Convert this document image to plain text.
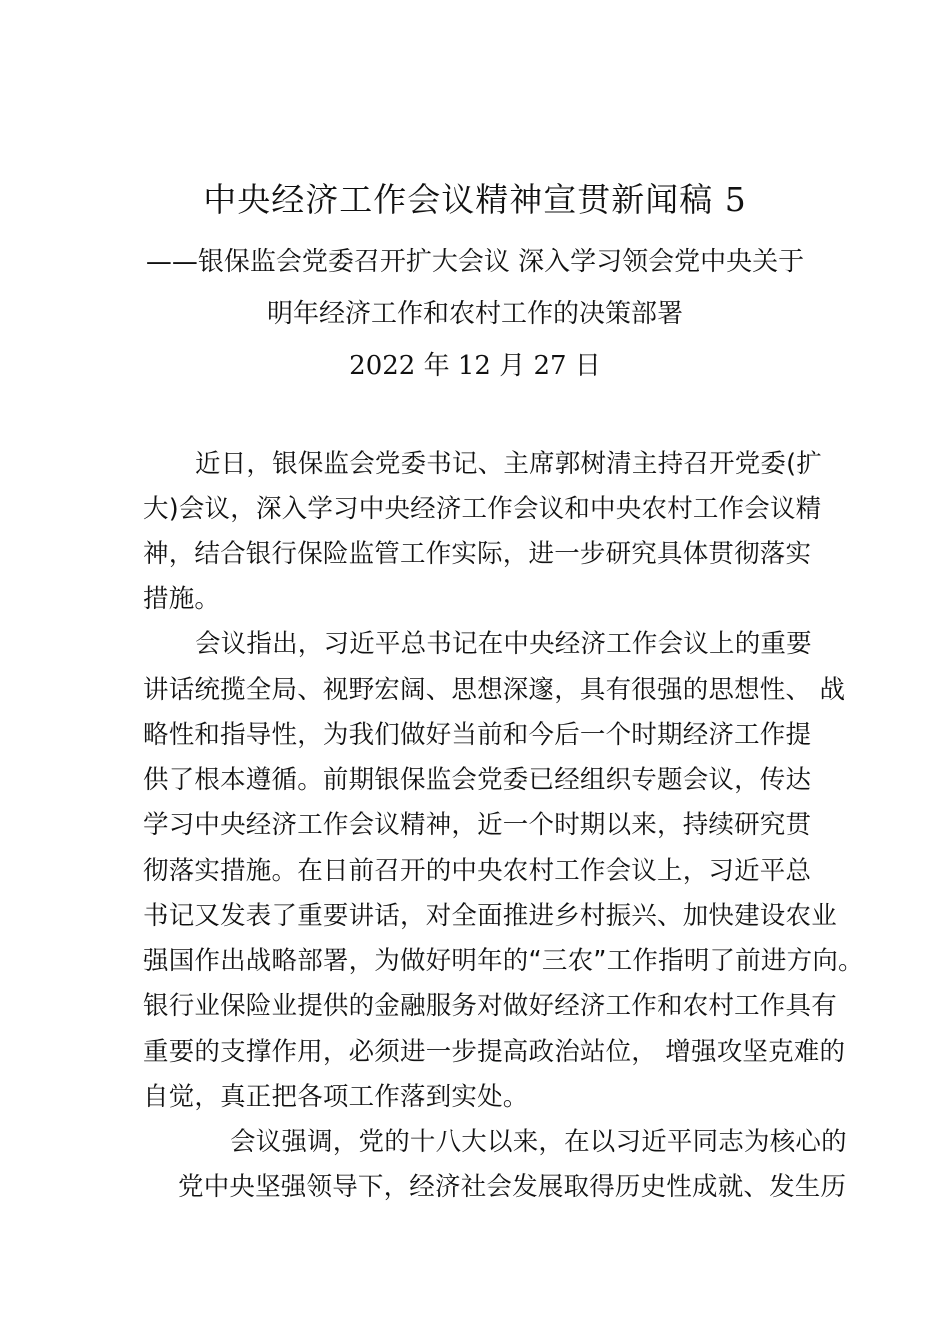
中央经济工作会议精神宣贯新闻稿 5
——银保监会党委召开扩大会议 深入学习领会党中央关于
明年经济工作和农村工作的决策部署
2022 年 12 月 27 日
近日，银保监会党委书记、主席郭树清主持召开党委(扩
大)会议，深入学习中央经济工作会议和中央农村工作会议精
神，结合银行保险监管工作实际，进一步研究具体贯彻落实
措施。
会议指出，习近平总书记在中央经济工作会议上的重要
讲话统揽全局、视野宏阔、思想深邃，具有很强的思想性、 战
略性和指导性，为我们做好当前和今后一个时期经济工作提
供了根本遵循。前期银保监会党委已经组织专题会议，传达
学习中央经济工作会议精神，近一个时期以来，持续研究贯
彻落实措施。在日前召开的中央农村工作会议上，习近平总
书记又发表了重要讲话，对全面推进乡村振兴、加快建设农业
强国作出战略部署，为做好明年的“三农”工作指明了前进方向。
银行业保险业提供的金融服务对做好经济工作和农村工作具有
重要的支撑作用，必须进一步提高政治站位， 增强攻坚克难的
自觉，真正把各项工作落到实处。
会议强调，党的十八大以来，在以习近平同志为核心的
党中央坚强领导下，经济社会发展取得历史性成就、发生历
